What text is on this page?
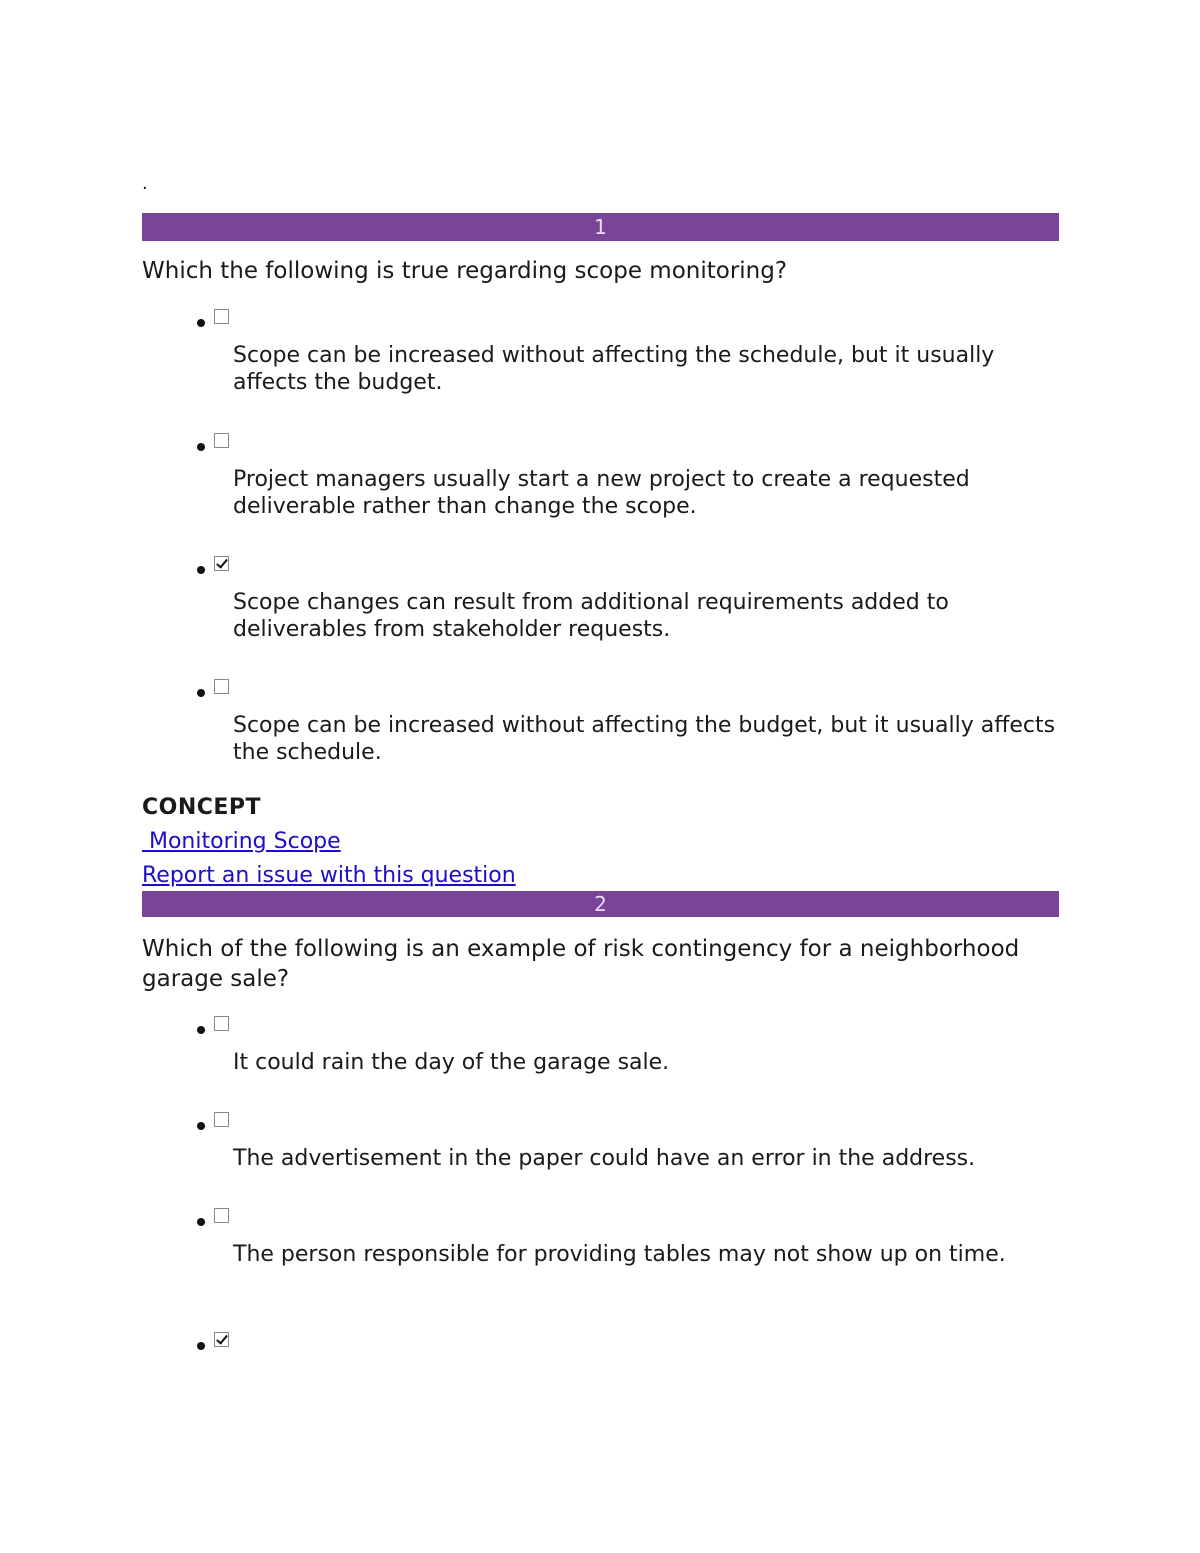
.
1
Which the following is true regarding scope monitoring?
Scope can be increased without affecting the schedule, but it usually affects the budget.
Project managers usually start a new project to create a requested deliverable rather than change the scope.
Scope changes can result from additional requirements added to deliverables from stakeholder requests.
Scope can be increased without affecting the budget, but it usually affects the schedule.
CONCEPT
Monitoring Scope
Report an issue with this question
2
Which of the following is an example of risk contingency for a neighborhood garage sale?
It could rain the day of the garage sale.
The advertisement in the paper could have an error in the address.
The person responsible for providing tables may not show up on time.
